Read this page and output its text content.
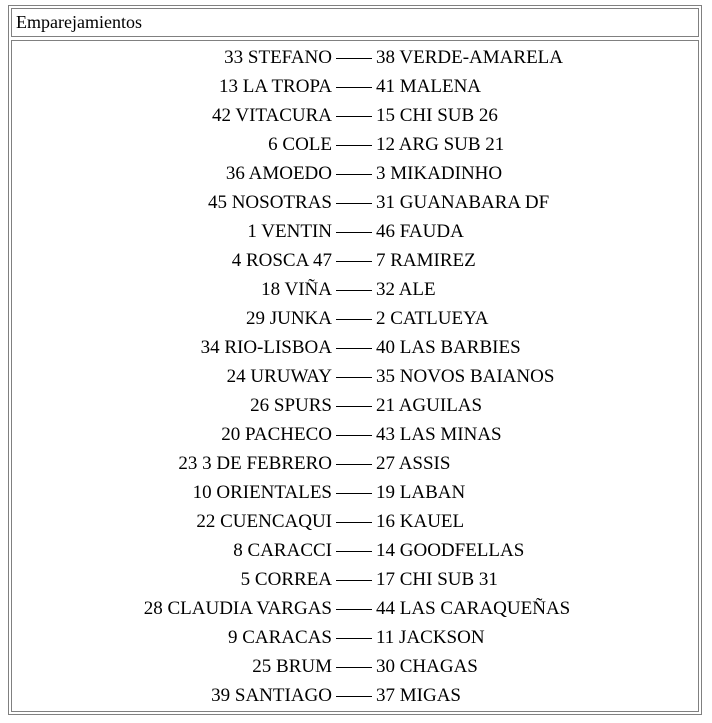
Emparejamientos
33 STEFANO 38 VERDE-AMARELA
13 LA TROPA 41 MALENA
42 VITACURA 15 CHI SUB 26
6 COLE 12 ARG SUB 21
36 AMOEDO 3 MIKADINHO
45 NOSOTRAS 31 GUANABARA DF
1 VENTIN 46 FAUDA
4 ROSCA 47 7 RAMIREZ
18 VIÑA 32 ALE
29 JUNKA 2 CATLUEYA
34 RIO-LISBOA 40 LAS BARBIES
24 URUWAY 35 NOVOS BAIANOS
26 SPURS 21 AGUILAS
20 PACHECO 43 LAS MINAS
23 3 DE FEBRERO 27 ASSIS
10 ORIENTALES 19 LABAN
22 CUENCAQUI 16 KAUEL
8 CARACCI 14 GOODFELLAS
5 CORREA 17 CHI SUB 31
28 CLAUDIA VARGAS 44 LAS CARAQUEÑAS
9 CARACAS 11 JACKSON
25 BRUM 30 CHAGAS
39 SANTIAGO 37 MIGAS
